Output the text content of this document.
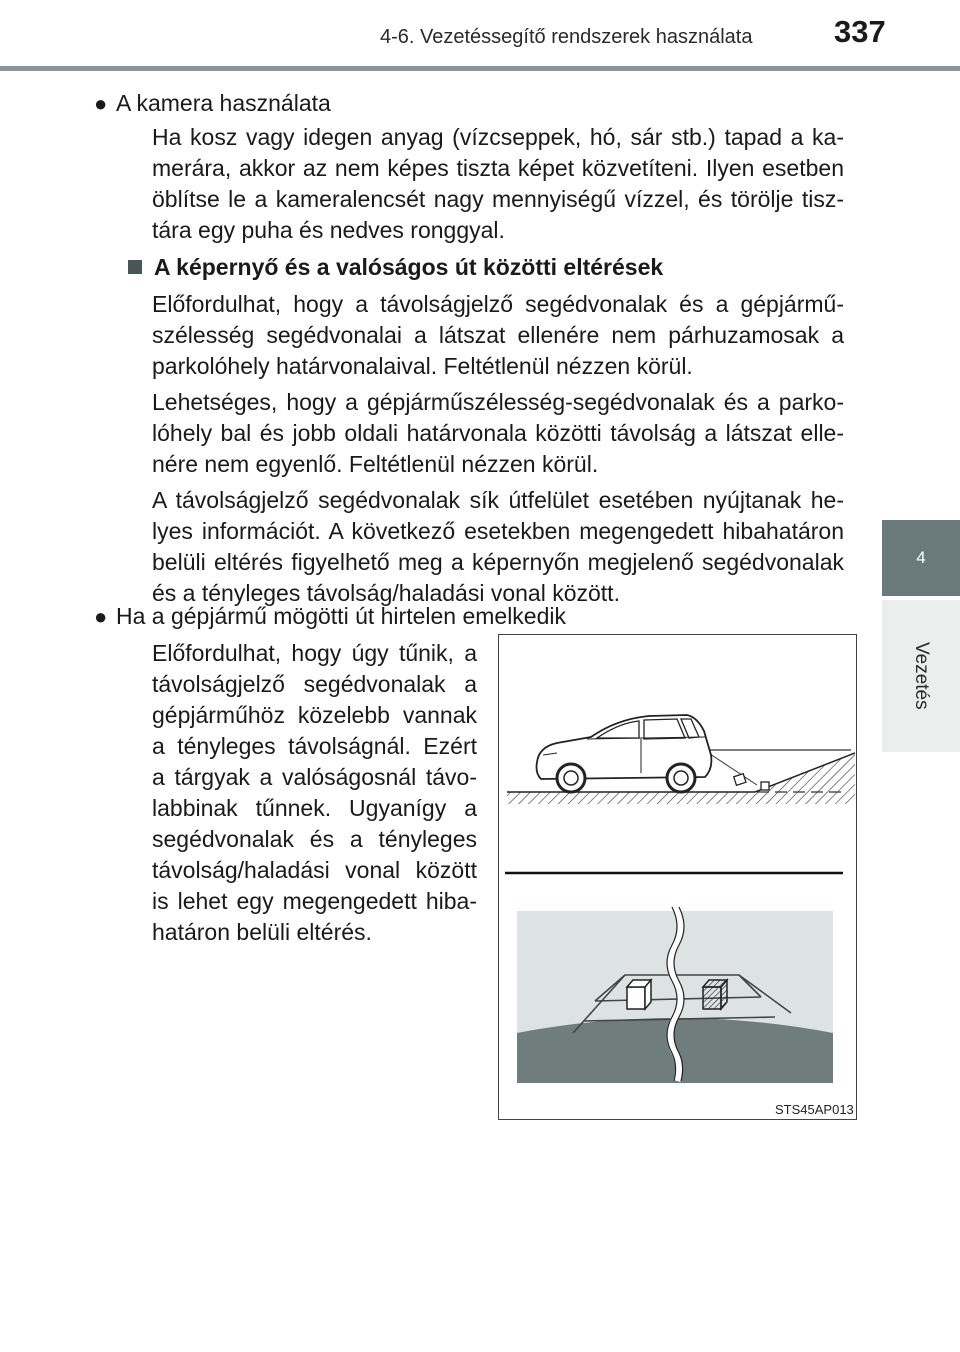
4-6. Vezetéssegítő rendszerek használata	337
4
Vezetés
● A kamera használata
Ha kosz vagy idegen anyag (vízcseppek, hó, sár stb.) tapad a ka-
merára, akkor az nem képes tiszta képet közvetíteni. Ilyen esetben
öblítse le a kameralencsét nagy mennyiségű vízzel, és törölje tisz-
tára egy puha és nedves ronggyal.
A képernyő és a valóságos út közötti eltérések
Előfordulhat, hogy a távolságjelző segédvonalak és a gépjármű-
szélesség segédvonalai a látszat ellenére nem párhuzamosak a
parkolóhely határvonalaival. Feltétlenül nézzen körül.
Lehetséges, hogy a gépjárműszélesség-segédvonalak és a parko-
lóhely bal és jobb oldali határvonala közötti távolság a látszat elle-
nére nem egyenlő. Feltétlenül nézzen körül.
A távolságjelző segédvonalak sík útfelület esetében nyújtanak he-
lyes információt. A következő esetekben megengedett hibahatáron
belüli eltérés figyelhető meg a képernyőn megjelenő segédvonalak
és a tényleges távolság/haladási vonal között.
● Ha a gépjármű mögötti út hirtelen emelkedik
Előfordulhat, hogy úgy tűnik, a
távolságjelző segédvonalak a
gépjárműhöz közelebb vannak
a tényleges távolságnál. Ezért
a tárgyak a valóságosnál távo-
labbinak tűnnek. Ugyanígy a
segédvonalak és a tényleges
távolság/haladási vonal között
is lehet egy megengedett hiba-
határon belüli eltérés.
STS45AP013
